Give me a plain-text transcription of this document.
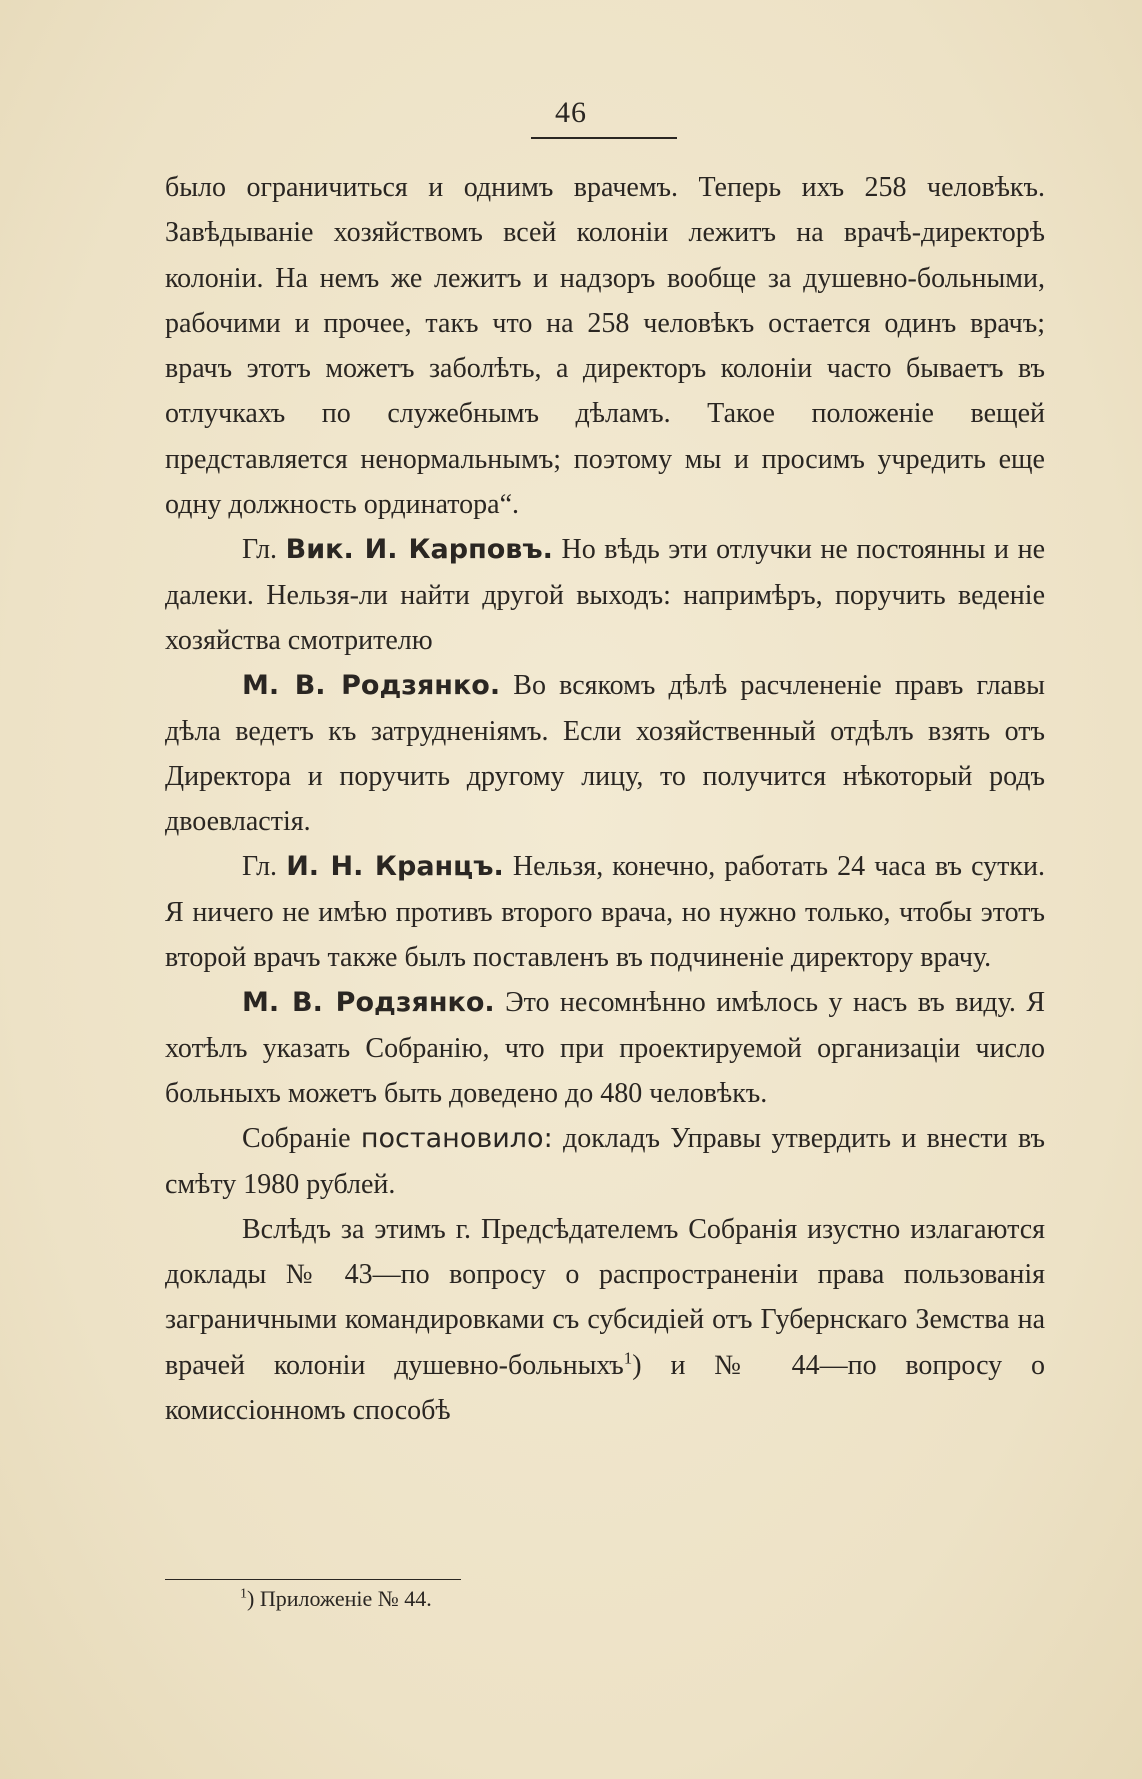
46

было ограничиться и однимъ врачемъ. Теперь ихъ 258 человѣкъ. Завѣдываніе хозяйствомъ всей колоніи лежитъ на врачѣ-директорѣ колоніи. На немъ же лежитъ и надзоръ вообще за душевно-больными, рабочими и прочее, такъ что на 258 человѣкъ остается одинъ врачъ; врачъ этотъ можетъ заболѣть, а директоръ колоніи часто бываетъ въ отлучкахъ по служебнымъ дѣламъ. Такое положеніе вещей представляется ненормальнымъ; поэтому мы и просимъ учредить еще одну должность ординатора“.

Гл. Вик. И. Карповъ. Но вѣдь эти отлучки не постоянны и не далеки. Нельзя-ли найти другой выходъ: напримѣръ, поручить веденіе хозяйства смотрителю

М. В. Родзянко. Во всякомъ дѣлѣ расчлененіе правъ главы дѣла ведетъ къ затрудненіямъ. Если хозяйственный отдѣлъ взять отъ Директора и поручить другому лицу, то получится нѣкоторый родъ двоевластія.

Гл. И. Н. Кранцъ. Нельзя, конечно, работать 24 часа въ сутки. Я ничего не имѣю противъ второго врача, но нужно только, чтобы этотъ второй врачъ также былъ поставленъ въ подчиненіе директору врачу.

М. В. Родзянко. Это несомнѣнно имѣлось у насъ въ виду. Я хотѣлъ указать Собранію, что при проектируемой организаціи число больныхъ можетъ быть доведено до 480 человѣкъ.

Собраніе постановило: докладъ Управы утвердить и внести въ смѣту 1980 рублей.

Вслѣдъ за этимъ г. Предсѣдателемъ Собранія изустно излагаются доклады № 43—по вопросу о распространеніи права пользованія заграничными командировками съ субсидіей отъ Губернскаго Земства на врачей колоніи душевно-больныхъ$^1$) и № 44—по вопросу о комиссіонномъ способѣ

$^1$) Приложеніе № 44.
